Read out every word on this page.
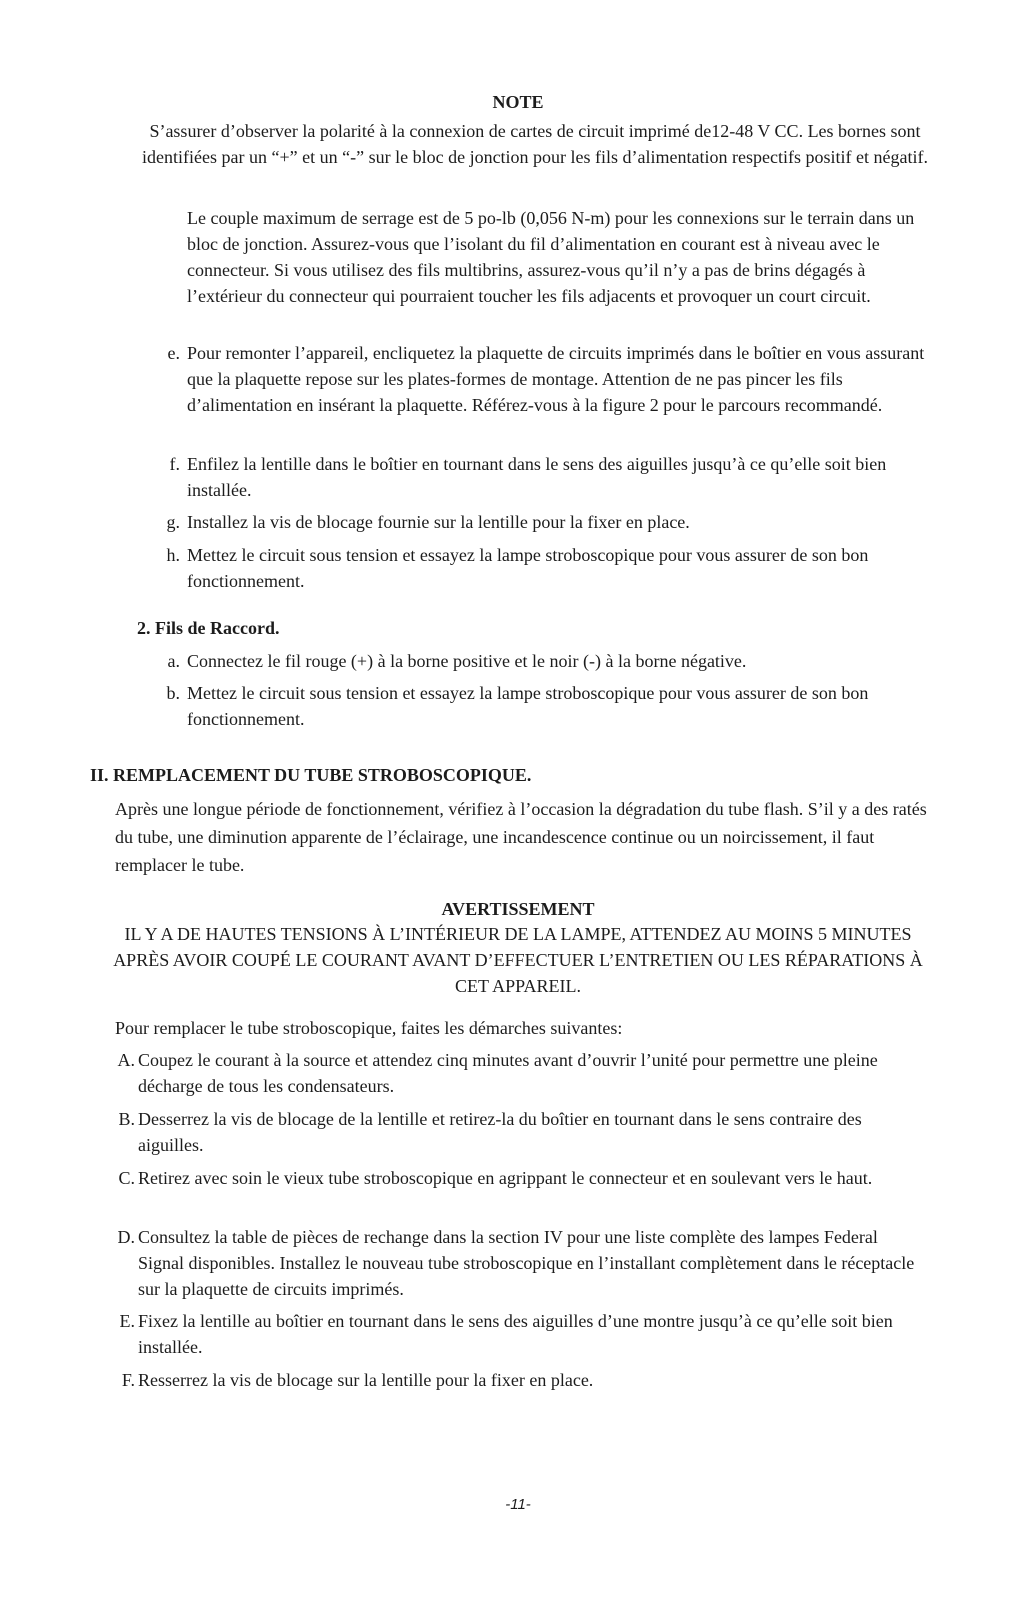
NOTE
S’assurer d’observer la polarité à la connexion de cartes de circuit imprimé de12-48 V CC. Les bornes sont identifiées par un “+” et un “-” sur le bloc de jonction pour les fils d’alimentation respectifs positif et négatif.
Le couple maximum de serrage est de 5 po-lb (0,056 N-m) pour les connexions sur le terrain dans un bloc de jonction. Assurez-vous que l’isolant du fil d’alimentation en courant est à niveau avec le connecteur. Si vous utilisez des fils multibrins, assurez-vous qu’il n’y a pas de brins dégagés à l’extérieur du connecteur qui pourraient toucher les fils adjacents et provoquer un court circuit.
e. Pour remonter l’appareil, encliquetez la plaquette de circuits imprimés dans le boîtier en vous assurant que la plaquette repose sur les plates-formes de montage. Attention de ne pas pincer les fils d’alimentation en insérant la plaquette. Référez-vous à la figure 2 pour le parcours recommandé.
f. Enfilez la lentille dans le boîtier en tournant dans le sens des aiguilles jusqu’à ce qu’elle soit bien installée.
g. Installez la vis de blocage fournie sur la lentille pour la fixer en place.
h. Mettez le circuit sous tension et essayez la lampe stroboscopique pour vous assurer de son bon fonctionnement.
2. Fils de Raccord.
a. Connectez le fil rouge (+) à la borne positive et le noir (-) à la borne négative.
b. Mettez le circuit sous tension et essayez la lampe stroboscopique pour vous assurer de son bon fonctionnement.
II. REMPLACEMENT DU TUBE STROBOSCOPIQUE.
Après une longue période de fonctionnement, vérifiez à l’occasion la dégradation du tube flash. S’il y a des ratés du tube, une diminution apparente de l’éclairage, une incandescence continue ou un noircissement, il faut remplacer le tube.
AVERTISSEMENT
IL Y A DE HAUTES TENSIONS À L’INTÉRIEUR DE LA LAMPE, ATTENDEZ AU MOINS 5 MINUTES APRÈS AVOIR COUPÉ LE COURANT AVANT D’EFFECTUER L’ENTRETIEN OU LES RÉPARATIONS À CET APPAREIL.
Pour remplacer le tube stroboscopique, faites les démarches suivantes:
A. Coupez le courant à la source et attendez cinq minutes avant d’ouvrir l’unité pour permettre une pleine décharge de tous les condensateurs.
B. Desserrez la vis de blocage de la lentille et retirez-la du boîtier en tournant dans le sens contraire des aiguilles.
C. Retirez avec soin le vieux tube stroboscopique en agrippant le connecteur et en soulevant vers le haut.
D. Consultez la table de pièces de rechange dans la section IV pour une liste complète des lampes Federal Signal disponibles. Installez le nouveau tube stroboscopique en l’installant complètement dans le réceptacle sur la plaquette de circuits imprimés.
E. Fixez la lentille au boîtier en tournant dans le sens des aiguilles d’une montre jusqu’à ce qu’elle soit bien installée.
F. Resserrez la vis de blocage sur la lentille pour la fixer en place.
-11-
